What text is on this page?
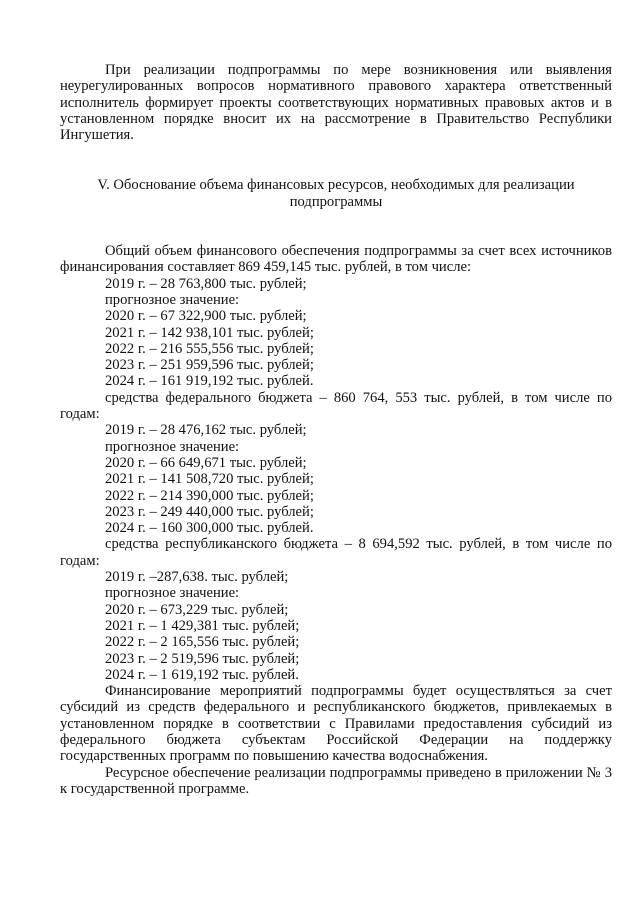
При реализации подпрограммы по мере возникновения или выявления неурегулированных вопросов нормативного правового характера ответственный исполнитель формирует проекты соответствующих нормативных правовых актов и в установленном порядке вносит их на рассмотрение в Правительство Республики Ингушетия.

V. Обоснование объема финансовых ресурсов, необходимых для реализации подпрограммы

Общий объем финансового обеспечения подпрограммы за счет всех источников финансирования составляет 869 459,145 тыс. рублей, в том числе:

2019 г. – 28 763,800 тыс. рублей;
прогнозное значение:
2020 г. – 67 322,900 тыс. рублей;
2021 г. – 142 938,101 тыс. рублей;
2022 г. – 216 555,556 тыс. рублей;
2023 г. – 251 959,596 тыс. рублей;
2024 г. – 161 919,192 тыс. рублей.

средства федерального бюджета – 860 764, 553 тыс. рублей, в том числе по годам:

2019 г. – 28 476,162 тыс. рублей;
прогнозное значение:
2020 г. – 66 649,671 тыс. рублей;
2021 г. – 141 508,720 тыс. рублей;
2022 г. – 214 390,000 тыс. рублей;
2023 г. – 249 440,000 тыс. рублей;
2024 г. – 160 300,000 тыс. рублей.

средства республиканского бюджета – 8 694,592 тыс. рублей, в том числе по годам:

2019 г. –287,638. тыс. рублей;
прогнозное значение:
2020 г. – 673,229 тыс. рублей;
2021 г. – 1 429,381 тыс. рублей;
2022 г. – 2 165,556 тыс. рублей;
2023 г. – 2 519,596 тыс. рублей;
2024 г. – 1 619,192 тыс. рублей.

Финансирование мероприятий подпрограммы будет осуществляться за счет субсидий из средств федерального и республиканского бюджетов, привлекаемых в установленном порядке в соответствии с Правилами предоставления субсидий из федерального бюджета субъектам Российской Федерации на поддержку государственных программ по повышению качества водоснабжения.

Ресурсное обеспечение реализации подпрограммы приведено в приложении № 3 к государственной программе.
